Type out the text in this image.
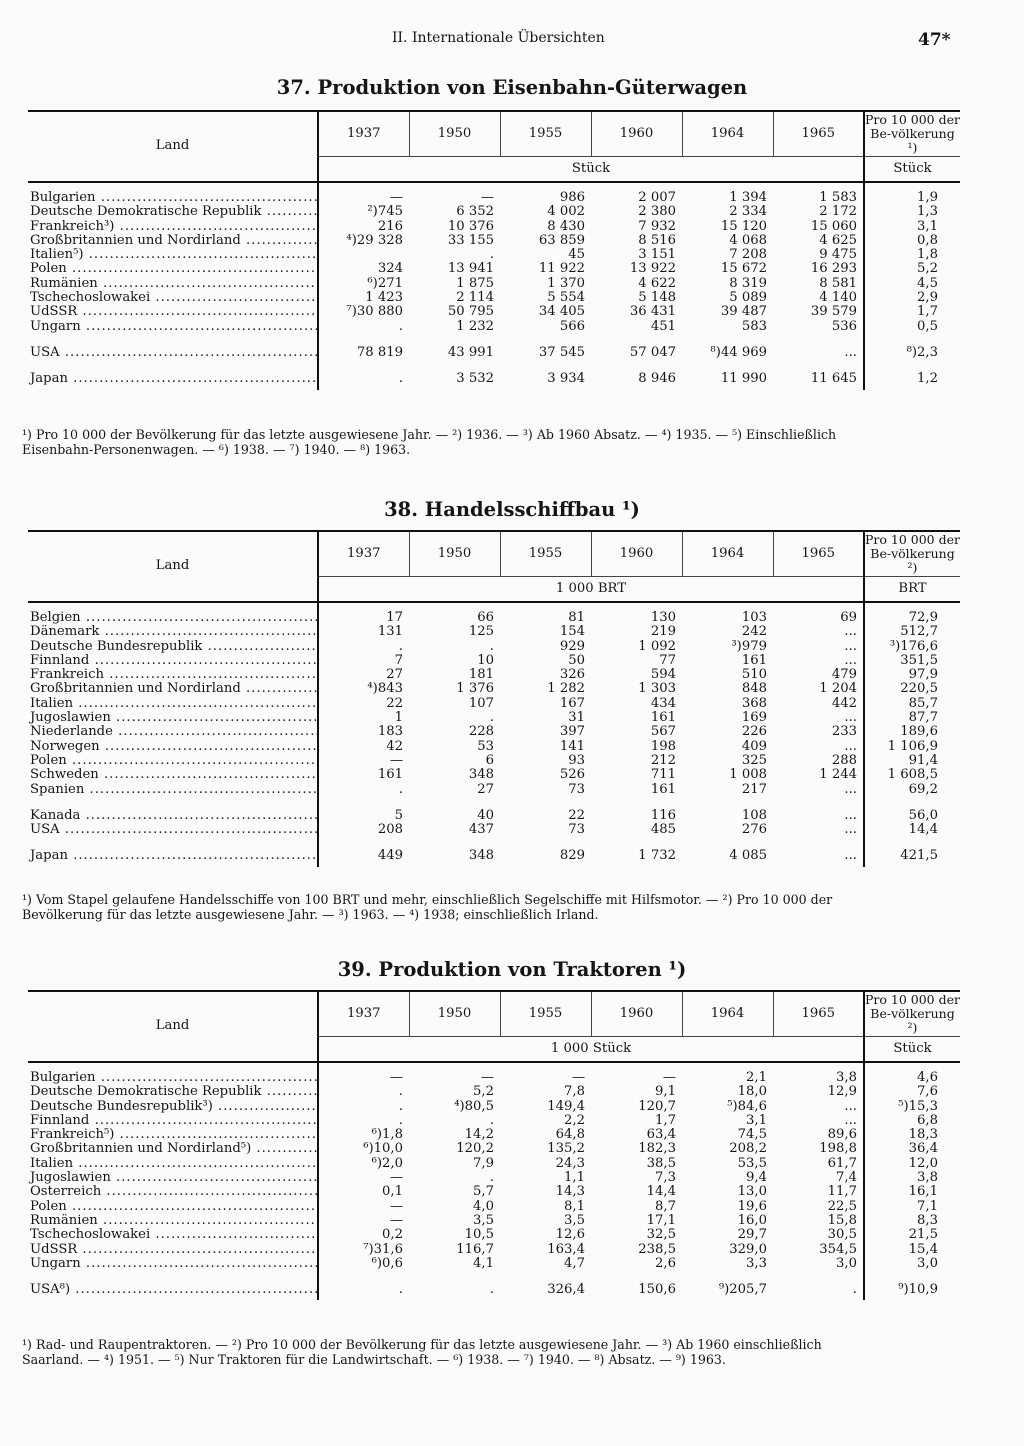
II. Internationale Übersichten	47*
37. Produktion von Eisenbahn-Güterwagen
Land	1937	1950	1955	1960	1964	1965	Pro 10 000 der Be-völkerung ¹)
	Stück						Stück
Bulgarien .....	—	—	986	2 007	1 394	1 583	1,9
Deutsche Demokratische Republik .....	²)745	6 352	4 002	2 380	2 334	2 172	1,3
Frankreich³) .....	216	10 376	8 430	7 932	15 120	15 060	3,1
Großbritannien und Nordirland .....	⁴)29 328	33 155	63 859	8 516	4 068	4 625	0,8
Italien⁵) .....		.	45	3 151	7 208	9 475	1,8
Polen .....	324	13 941	11 922	13 922	15 672	16 293	5,2
Rumänien .....	⁶)271	1 875	1 370	4 622	8 319	8 581	4,5
Tschechoslowakei .....	1 423	2 114	5 554	5 148	5 089	4 140	2,9
UdSSR .....	⁷)30 880	50 795	34 405	36 431	39 487	39 579	1,7
Ungarn .....	.	1 232	566	451	583	536	0,5
USA .....	78 819	43 991	37 545	57 047	⁸)44 969	...	⁸)2,3
Japan .....	.	3 532	3 934	8 946	11 990	11 645	1,2
¹) Pro 10 000 der Bevölkerung für das letzte ausgewiesene Jahr. — ²) 1936. — ³) Ab 1960 Absatz. — ⁴) 1935. — ⁵) Einschließlich
Eisenbahn-Personenwagen. — ⁶) 1938. — ⁷) 1940. — ⁸) 1963.
38. Handelsschiffbau ¹)
Land	1937	1950	1955	1960	1964	1965	Pro 10 000 der Be-völkerung ²)
	1 000 BRT						BRT
Belgien .....	17	66	81	130	103	69	72,9
Dänemark .....	131	125	154	219	242	...	512,7
Deutsche Bundesrepublik .....	.	.	929	1 092	³)979	...	³)176,6
Finnland .....	7	10	50	77	161	...	351,5
Frankreich .....	27	181	326	594	510	479	97,9
Großbritannien und Nordirland .....	⁴)843	1 376	1 282	1 303	848	1 204	220,5
Italien .....	22	107	167	434	368	442	85,7
Jugoslawien .....	1	.	31	161	169	...	87,7
Niederlande .....	183	228	397	567	226	233	189,6
Norwegen .....	42	53	141	198	409	...	1 106,9
Polen .....	—	6	93	212	325	288	91,4
Schweden .....	161	348	526	711	1 008	1 244	1 608,5
Spanien .....	.	27	73	161	217	...	69,2
Kanada .....	5	40	22	116	108	...	56,0
USA .....	208	437	73	485	276	...	14,4
Japan .....	449	348	829	1 732	4 085	...	421,5
¹) Vom Stapel gelaufene Handelsschiffe von 100 BRT und mehr, einschließlich Segelschiffe mit Hilfsmotor. — ²) Pro 10 000 der
Bevölkerung für das letzte ausgewiesene Jahr. — ³) 1963. — ⁴) 1938; einschließlich Irland.
39. Produktion von Traktoren ¹)
Land	1937	1950	1955	1960	1964	1965	Pro 10 000 der Be-völkerung ²)
	1 000 Stück						Stück
Bulgarien .....	—	—	—	—	2,1	3,8	4,6
Deutsche Demokratische Republik .....	.	5,2	7,8	9,1	18,0	12,9	7,6
Deutsche Bundesrepublik³) .....	.	⁴)80,5	149,4	120,7	⁵)84,6	...	⁵)15,3
Finnland .....	.	.	2,2	1,7	3,1	...	6,8
Frankreich⁵) .....	⁶)1,8	14,2	64,8	63,4	74,5	89,6	18,3
Großbritannien und Nordirland⁵) .....	⁶)10,0	120,2	135,2	182,3	208,2	198,8	36,4
Italien .....	⁶)2,0	7,9	24,3	38,5	53,5	61,7	12,0
Jugoslawien .....	—	.	1,1	7,3	9,4	7,4	3,8
Österreich .....	0,1	5,7	14,3	14,4	13,0	11,7	16,1
Polen .....	—	4,0	8,1	8,7	19,6	22,5	7,1
Rumänien .....	—	3,5	3,5	17,1	16,0	15,8	8,3
Tschechoslowakei .....	0,2	10,5	12,6	32,5	29,7	30,5	21,5
UdSSR .....	⁷)31,6	116,7	163,4	238,5	329,0	354,5	15,4
Ungarn .....	⁶)0,6	4,1	4,7	2,6	3,3	3,0	3,0
USA⁸) .....	.	.	326,4	150,6	⁹)205,7	.	⁹)10,9
¹) Rad- und Raupentraktoren. — ²) Pro 10 000 der Bevölkerung für das letzte ausgewiesene Jahr. — ³) Ab 1960 einschließlich
Saarland. — ⁴) 1951. — ⁵) Nur Traktoren für die Landwirtschaft. — ⁶) 1938. — ⁷) 1940. — ⁸) Absatz. — ⁹) 1963.
